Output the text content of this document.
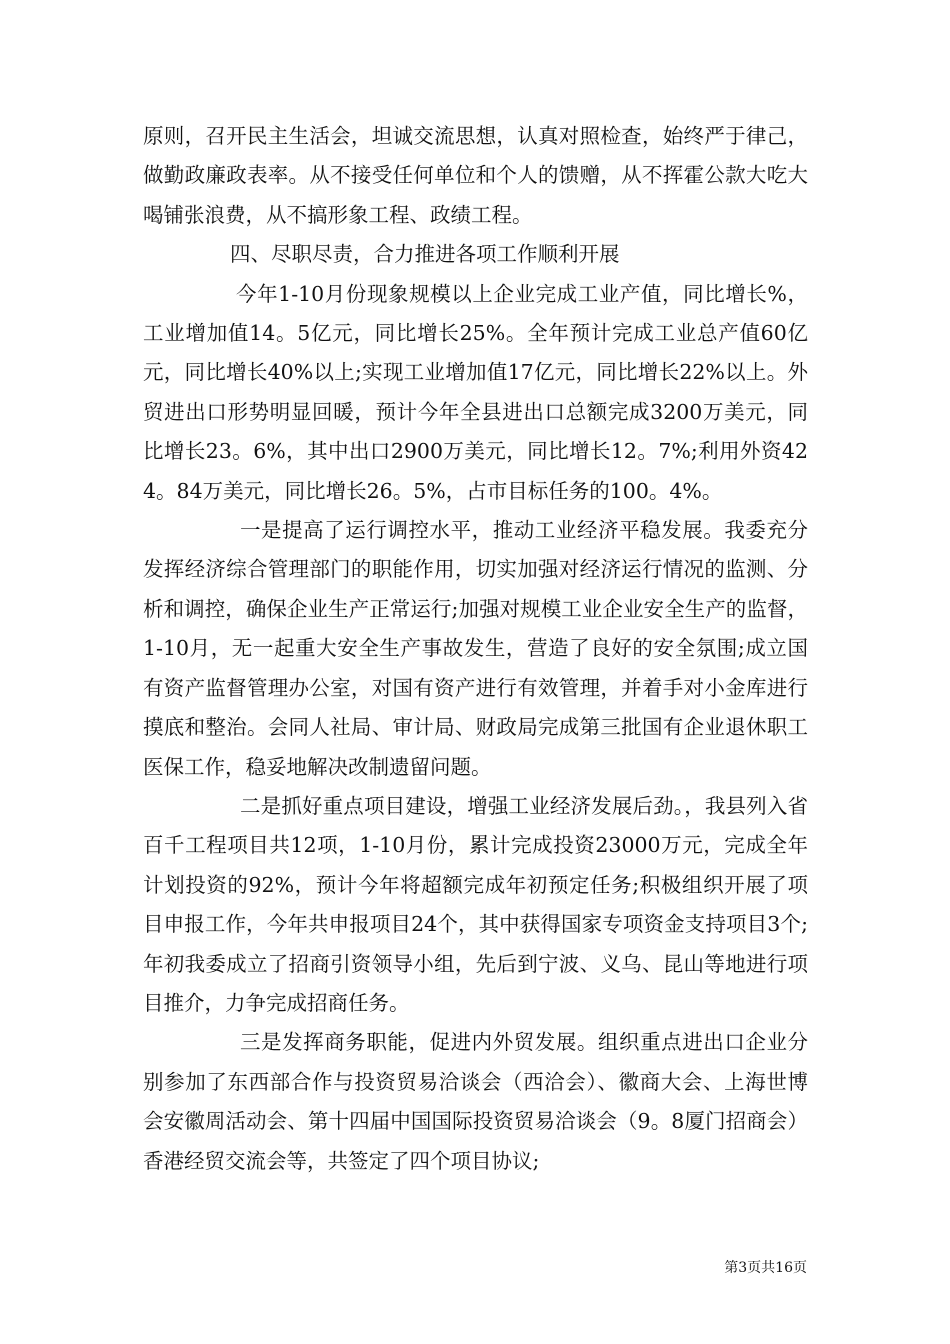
原则，召开民主生活会，坦诚交流思想，认真对照检查，始终严于律己，做勤政廉政表率。从不接受任何单位和个人的馈赠，从不挥霍公款大吃大喝铺张浪费，从不搞形象工程、政绩工程。

四、尽职尽责，合力推进各项工作顺利开展

今年1-10月份现象规模以上企业完成工业产值，同比增长%，工业增加值14。5亿元，同比增长25%。全年预计完成工业总产值60亿元，同比增长40%以上;实现工业增加值17亿元，同比增长22%以上。外贸进出口形势明显回暖，预计今年全县进出口总额完成3200万美元，同比增长23。6%，其中出口2900万美元，同比增长12。7%;利用外资424。84万美元，同比增长26。5%，占市目标任务的100。4%。

一是提高了运行调控水平，推动工业经济平稳发展。我委充分发挥经济综合管理部门的职能作用，切实加强对经济运行情况的监测、分析和调控，确保企业生产正常运行;加强对规模工业企业安全生产的监督，1-10月，无一起重大安全生产事故发生，营造了良好的安全氛围;成立国有资产监督管理办公室，对国有资产进行有效管理，并着手对小金库进行摸底和整治。会同人社局、审计局、财政局完成第三批国有企业退休职工医保工作，稳妥地解决改制遗留问题。

二是抓好重点项目建设，增强工业经济发展后劲。，我县列入省百千工程项目共12项，1-10月份，累计完成投资23000万元，完成全年计划投资的92%，预计今年将超额完成年初预定任务;积极组织开展了项目申报工作，今年共申报项目24个，其中获得国家专项资金支持项目3个;年初我委成立了招商引资领导小组，先后到宁波、义乌、昆山等地进行项目推介，力争完成招商任务。

三是发挥商务职能，促进内外贸发展。组织重点进出口企业分别参加了东西部合作与投资贸易洽谈会（西洽会）、徽商大会、上海世博会安徽周活动会、第十四届中国国际投资贸易洽谈会（9。8厦门招商会）香港经贸交流会等，共签定了四个项目协议;

第3页共16页
